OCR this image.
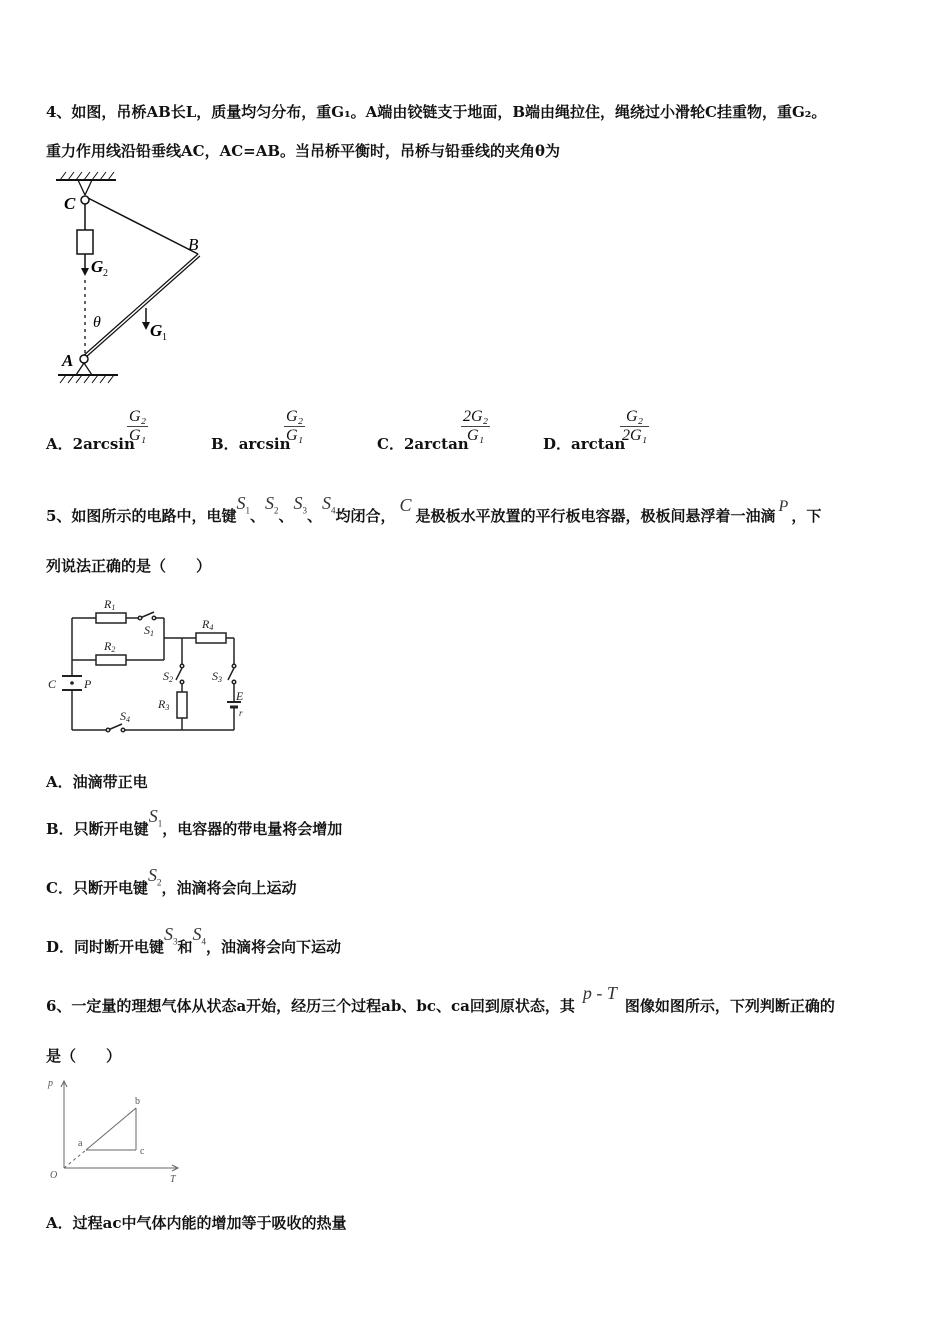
4、如图，吊桥AB长L，质量均匀分布，重G₁。A端由铰链支于地面，B端由绳拉住，绳绕过小滑轮C挂重物，重G₂。
重力作用线沿铅垂线AC，AC=AB。当吊桥平衡时，吊桥与铅垂线的夹角θ为
C
B
A
G 2
G 1
θ
A．2arcsin
$\frac{\text{G₂}}{\text{G₁}}$	B．arcsin
$\frac{\text{G₂}}{\text{G₁}}$	C．2arctan
$\frac{\text{2G₂}}{\text{G₁}}$	D．arctan
$\frac{\text{G₂}}{\text{2G₁}}$
5、如图所示的电路中，电键$S_1$、$S_2$、$S_3$、$S_4$均闭合，C是极板水平放置的平行板电容器，极板间悬浮着一油滴P，下
列说法正确的是（　　）
R1
S1
R2
R4
S2	S3
R3
S4
C P
E
r
A．油滴带正电
B．只断开电键$S_1$，电容器的带电量将会增加
C．只断开电键$S_2$，油滴将会向上运动
D．同时断开电键$S_3$和$S_4$，油滴将会向下运动
6、一定量的理想气体从状态a开始，经历三个过程ab、bc、ca回到原状态，其p - T图像如图所示，下列判断正确的
是（　　）
p
T
O
a
b
c
A．过程ac中气体内能的增加等于吸收的热量
